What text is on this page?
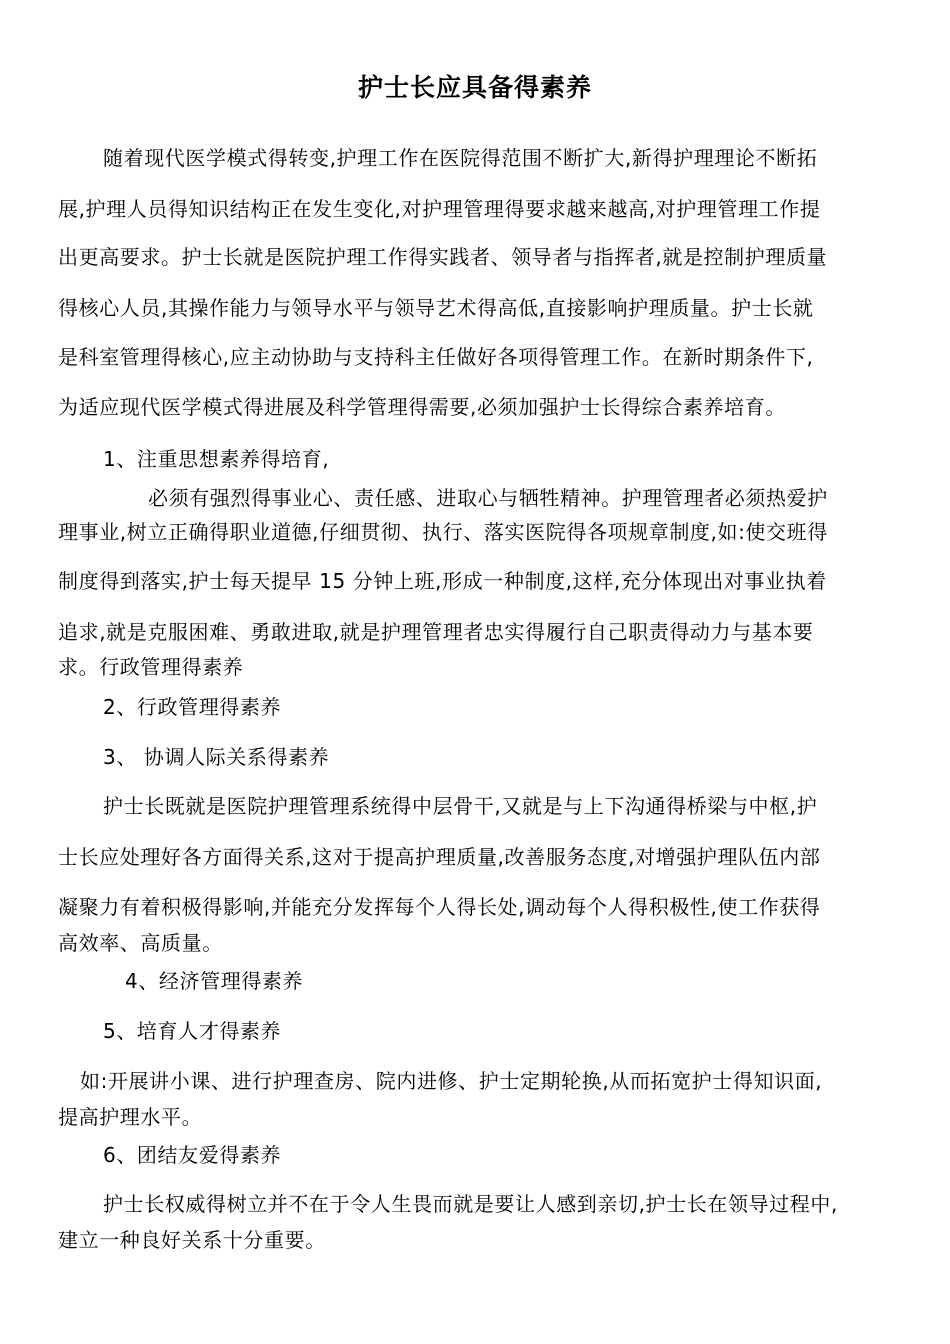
护士长应具备得素养
随着现代医学模式得转变,护理工作在医院得范围不断扩大,新得护理理论不断拓
展,护理人员得知识结构正在发生变化,对护理管理得要求越来越高,对护理管理工作提
出更高要求。护士长就是医院护理工作得实践者、领导者与指挥者,就是控制护理质量
得核心人员,其操作能力与领导水平与领导艺术得高低,直接影响护理质量。护士长就
是科室管理得核心,应主动协助与支持科主任做好各项得管理工作。在新时期条件下,
为适应现代医学模式得进展及科学管理得需要,必须加强护士长得综合素养培育。
1、注重思想素养得培育,
必须有强烈得事业心、责任感、进取心与牺牲精神。护理管理者必须热爱护
理事业,树立正确得职业道德,仔细贯彻、执行、落实医院得各项规章制度,如:使交班得
制度得到落实,护士每天提早 15 分钟上班,形成一种制度,这样,充分体现出对事业执着
追求,就是克服困难、勇敢进取,就是护理管理者忠实得履行自己职责得动力与基本要
求。行政管理得素养
2、行政管理得素养
3、 协调人际关系得素养
护士长既就是医院护理管理系统得中层骨干,又就是与上下沟通得桥梁与中枢,护
士长应处理好各方面得关系,这对于提高护理质量,改善服务态度,对增强护理队伍内部
凝聚力有着积极得影响,并能充分发挥每个人得长处,调动每个人得积极性,使工作获得
高效率、高质量。
4、经济管理得素养
5、培育人才得素养
如:开展讲小课、进行护理查房、院内进修、护士定期轮换,从而拓宽护士得知识面,
提高护理水平。
6、团结友爱得素养
护士长权威得树立并不在于令人生畏而就是要让人感到亲切,护士长在领导过程中,
建立一种良好关系十分重要。
